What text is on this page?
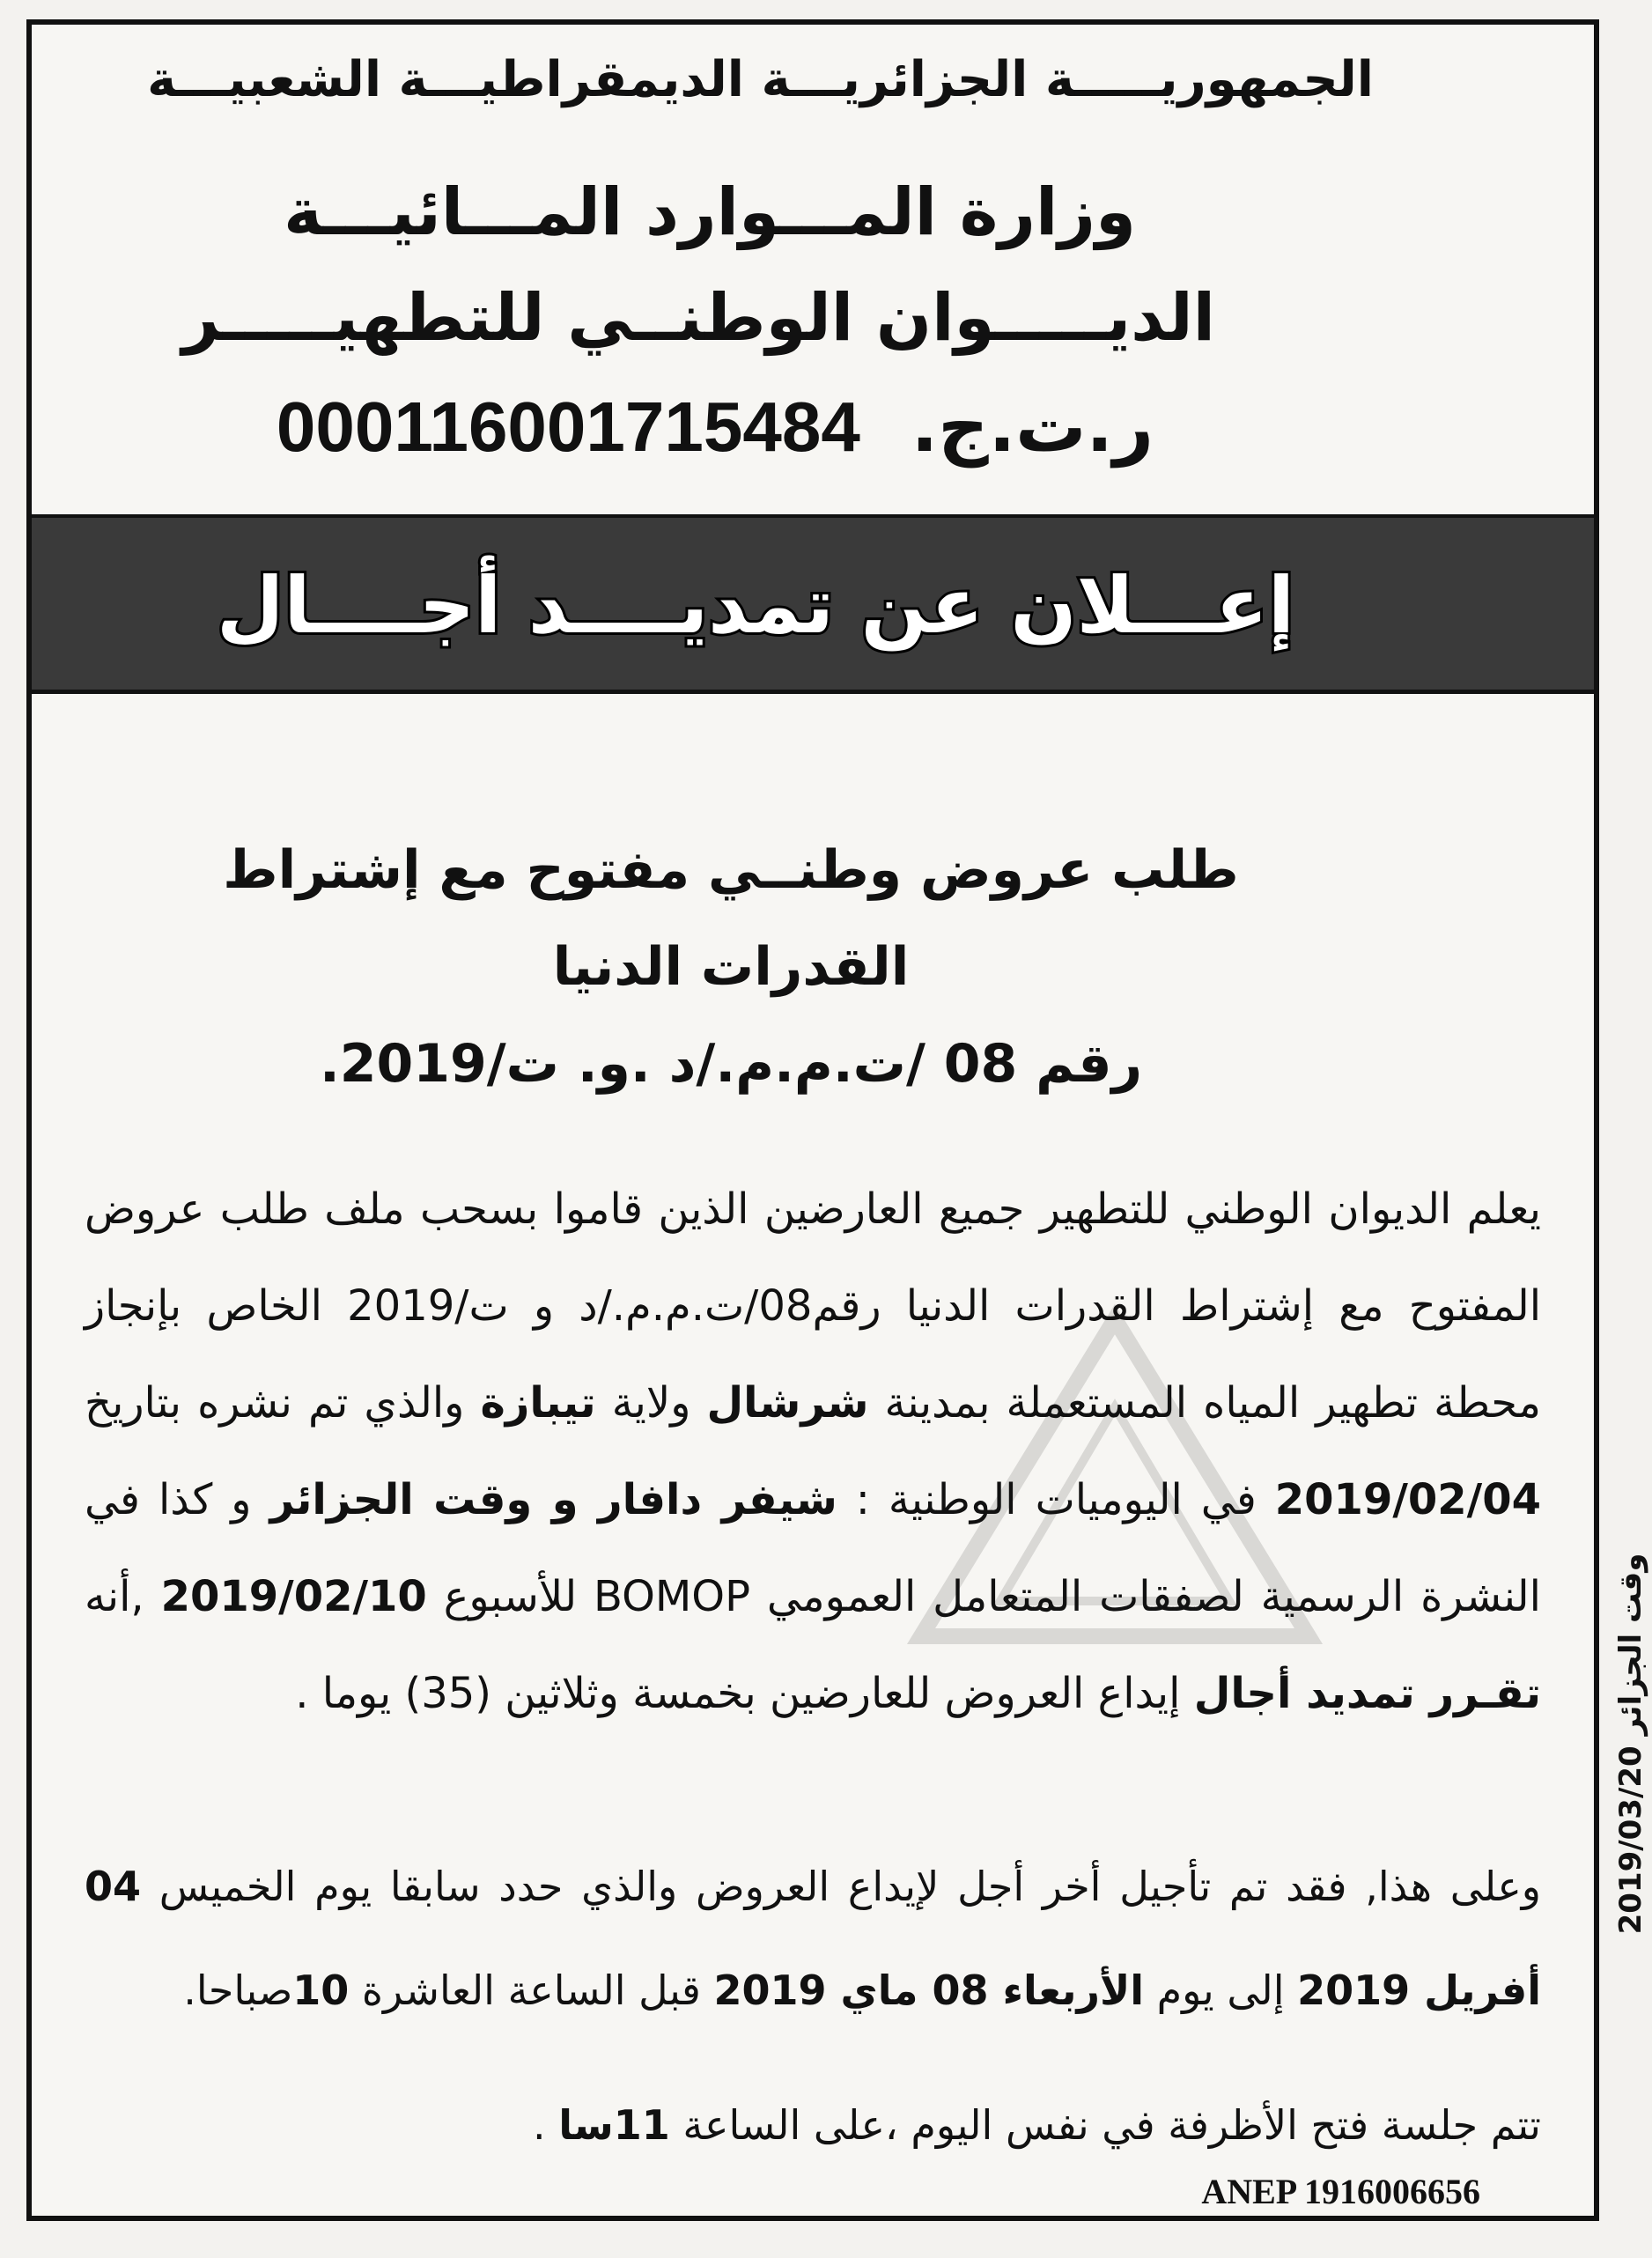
الجمهوريـــــة الجزائريـــة الديمقراطيـــة الشعبيـــة
وزارة المـــوارد المـــائيـــة
الديـــــوان الوطنــي للتطهيـــــر
ر.ت.ج. 000116001715484
إعـــلان عن تمديــــد أجــــال
طلب عروض وطنــي مفتوح مع إشتراط القدرات الدنيا
رقم 08 /ت.م.م./د .و. ت/2019.
يعلم الديوان الوطني للتطهير جميع العارضين الذين قاموا بسحب ملف طلب عروض المفتوح مع إشتراط القدرات الدنيا رقم08/ت.م.م./د و ت/2019 الخاص بإنجاز محطة تطهير المياه المستعملة بمدينة شرشال ولاية تيبازة والذي تم نشره بتاريخ 2019/02/04 في اليوميات الوطنية : شيفر دافار و وقت الجزائر و كذا في النشرة الرسمية لصفقات المتعامل العمومي BOMOP للأسبوع 2019/02/10 ,أنه تقـرر تمديد أجال إيداع العروض للعارضين بخمسة وثلاثين (35) يوما .
وعلى هذا, فقد تم تأجيل أخر أجل لإيداع العروض والذي حدد سابقا يوم الخميس 04 أفريل 2019 إلى يوم الأربعاء 08 ماي 2019 قبل الساعة العاشرة 10صباحا.
تتم جلسة فتح الأظرفة في نفس اليوم ،على الساعة 11سا .
ANEP 1916006656
وقت الجزائر 2019/03/20
